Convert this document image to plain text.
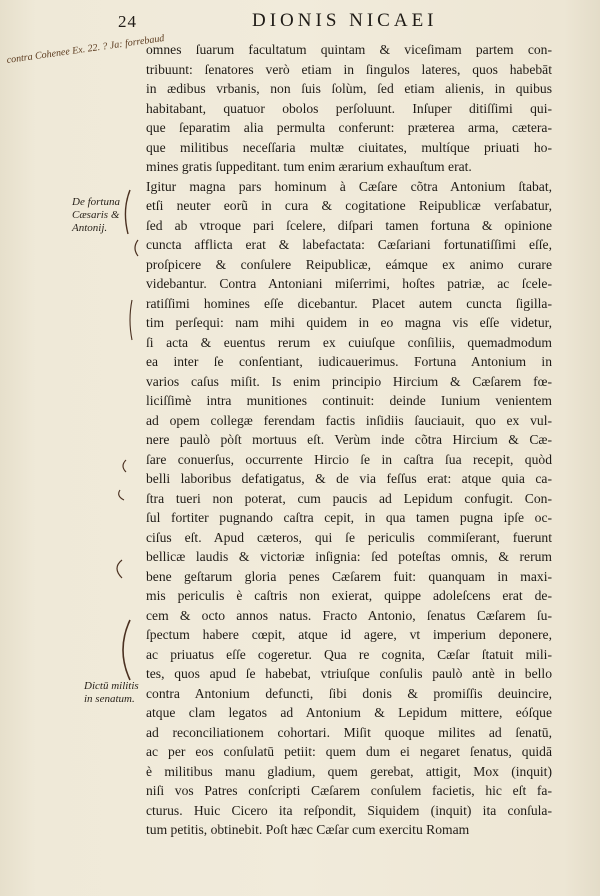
24	DIONIS NICAEI
contra Cohenee Ex. 22. ? Ja: forrebaud
De fortuna
Cæsaris &
Antonij.
Dictū militis
in senatum.
omnes ſuarum facultatum quintam & viceſimam partem con-
tribuunt: ſenatores verò etiam in ſingulos lateres, quos habebāt
in ædibus vrbanis, non ſuis ſolùm, ſed etiam alienis, in quibus
habitabant, quatuor obolos perſoluunt. Inſuper ditiſſimi qui-
que ſeparatim alia permulta conferunt: præterea arma, cætera-
que militibus neceſſaria multæ ciuitates, multíque priuati ho-
mines gratis ſuppeditant. tum enim ærarium exhauſtum erat.
Igitur magna pars hominum à Cæſare cõtra Antonium ſtabat,
etſi neuter eorũ in cura & cogitatione Reipublicæ verſabatur,
ſed ab vtroque pari ſcelere, diſpari tamen fortuna & opinione
cuncta afflicta erat & labefactata: Cæſariani fortunatiſſimi eſſe,
proſpicere & conſulere Reipublicæ, eámque ex animo curare
videbantur. Contra Antoniani miſerrimi, hoſtes patriæ, ac ſcele-
ratiſſimi homines eſſe dicebantur. Placet autem cuncta ſigilla-
tim perſequi: nam mihi quidem in eo magna vis eſſe videtur,
ſi acta & euentus rerum ex cuiuſque conſiliis, quemadmodum
ea inter ſe conſentiant, iudicauerimus. Fortuna Antonium in
varios caſus miſit. Is enim principio Hircium & Cæſarem fœ-
liciſſimè intra munitiones continuit: deinde Iunium venientem
ad opem collegæ ferendam factis inſidiis ſauciauit, quo ex vul-
nere paulò pòſt mortuus eſt. Verùm inde cõtra Hircium & Cæ-
ſare conuerſus, occurrente Hircio ſe in caſtra ſua recepit, quòd
belli laboribus defatigatus, & de via feſſus erat: atque quia ca-
ſtra tueri non poterat, cum paucis ad Lepidum confugit. Con-
ſul fortiter pugnando caſtra cepit, in qua tamen pugna ipſe oc-
ciſus eſt. Apud cæteros, qui ſe periculis commiſerant, fuerunt
bellicæ laudis & victoriæ inſignia: ſed poteſtas omnis, & rerum
bene geſtarum gloria penes Cæſarem fuit: quanquam in maxi-
mis periculis è caſtris non exierat, quippe adoleſcens erat de-
cem & octo annos natus. Fracto Antonio, ſenatus Cæſarem ſu-
ſpectum habere cœpit, atque id agere, vt imperium deponere,
ac priuatus eſſe cogeretur. Qua re cognita, Cæſar ſtatuit mili-
tes, quos apud ſe habebat, vtriuſque conſulis paulò antè in bello
contra Antonium defuncti, ſibi donis & promiſſis deuincire,
atque clam legatos ad Antonium & Lepidum mittere, eóſque
ad reconciliationem cohortari. Miſit quoque milites ad ſenatū,
ac per eos conſulatū petiit: quem dum ei negaret ſenatus, quidā
è militibus manu gladium, quem gerebat, attigit, Mox (inquit)
niſi vos Patres conſcripti Cæſarem conſulem facietis, hic eſt fa-
cturus. Huic Cicero ita reſpondit, Siquidem (inquit) ita conſula-
tum petitis, obtinebit. Poſt hæc Cæſar cum exercitu Romam
